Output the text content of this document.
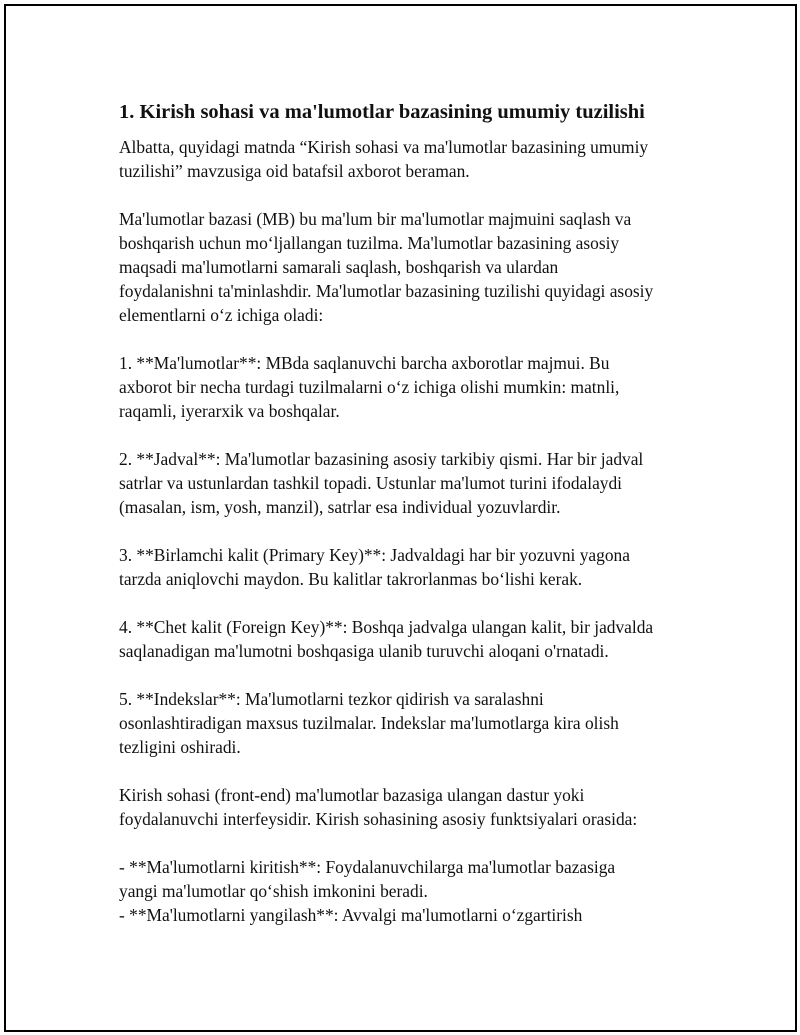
1. Kirish sohasi va ma'lumotlar bazasining umumiy tuzilishi
Albatta, quyidagi matnda “Kirish sohasi va ma'lumotlar bazasining umumiy
tuzilishi” mavzusiga oid batafsil axborot beraman.
Ma'lumotlar bazasi (MB) bu ma'lum bir ma'lumotlar majmuini saqlash va
boshqarish uchun mo‘ljallangan tuzilma. Ma'lumotlar bazasining asosiy
maqsadi ma'lumotlarni samarali saqlash, boshqarish va ulardan
foydalanishni ta'minlashdir. Ma'lumotlar bazasining tuzilishi quyidagi asosiy
elementlarni o‘z ichiga oladi:
1. **Ma'lumotlar**: MBda saqlanuvchi barcha axborotlar majmui. Bu
axborot bir necha turdagi tuzilmalarni o‘z ichiga olishi mumkin: matnli,
raqamli, iyerarxik va boshqalar.
2. **Jadval**: Ma'lumotlar bazasining asosiy tarkibiy qismi. Har bir jadval
satrlar va ustunlardan tashkil topadi. Ustunlar ma'lumot turini ifodalaydi
(masalan, ism, yosh, manzil), satrlar esa individual yozuvlardir.
3. **Birlamchi kalit (Primary Key)**: Jadvaldagi har bir yozuvni yagona
tarzda aniqlovchi maydon. Bu kalitlar takrorlanmas bo‘lishi kerak.
4. **Chet kalit (Foreign Key)**: Boshqa jadvalga ulangan kalit, bir jadvalda
saqlanadigan ma'lumotni boshqasiga ulanib turuvchi aloqani o'rnatadi.
5. **Indekslar**: Ma'lumotlarni tezkor qidirish va saralashni
osonlashtiradigan maxsus tuzilmalar. Indekslar ma'lumotlarga kira olish
tezligini oshiradi.
Kirish sohasi (front-end) ma'lumotlar bazasiga ulangan dastur yoki
foydalanuvchi interfeysidir. Kirish sohasining asosiy funktsiyalari orasida:
- **Ma'lumotlarni kiritish**: Foydalanuvchilarga ma'lumotlar bazasiga
yangi ma'lumotlar qo‘shish imkonini beradi.
- **Ma'lumotlarni yangilash**: Avvalgi ma'lumotlarni o‘zgartirish
